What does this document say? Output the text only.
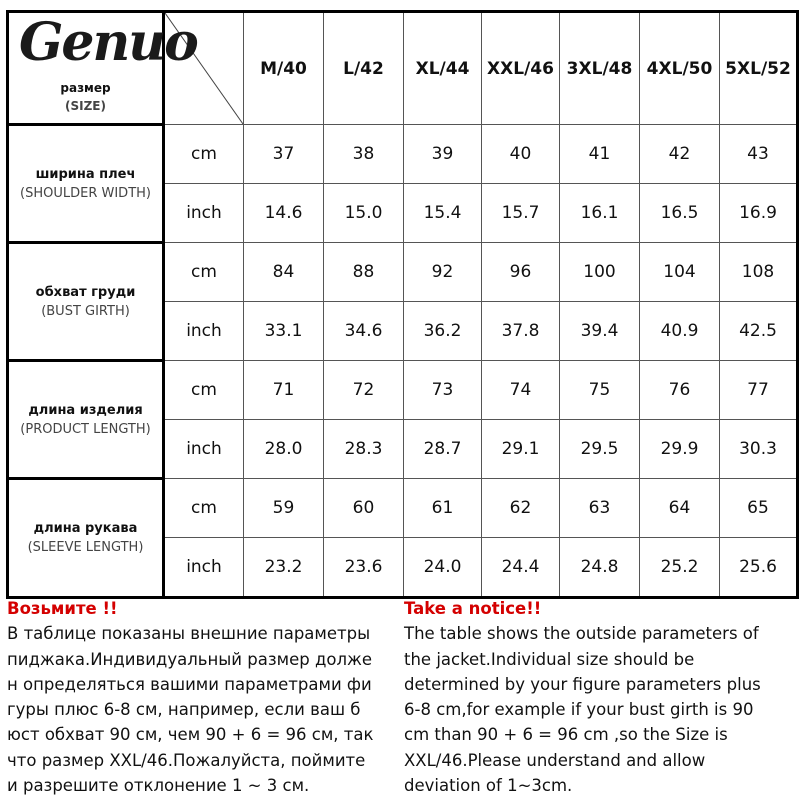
Genuo
размер
(SIZE)		M/40	L/42	XL/44	XXL/46	3XL/48	4XL/50	5XL/52

ширина плеч
(SHOULDER WIDTH)	cm	37	38	39	40	41	42	43
	inch	14.6	15.0	15.4	15.7	16.1	16.5	16.9

обхват груди
(BUST GIRTH)	cm	84	88	92	96	100	104	108
	inch	33.1	34.6	36.2	37.8	39.4	40.9	42.5

длина изделия
(PRODUCT LENGTH)	cm	71	72	73	74	75	76	77
	inch	28.0	28.3	28.7	29.1	29.5	29.9	30.3

длина рукава
(SLEEVE LENGTH)	cm	59	60	61	62	63	64	65
	inch	23.2	23.6	24.0	24.4	24.8	25.2	25.6
Возьмите !!
В таблице показаны внешние параметры
пиджака.Индивидуальный размер долже
н определяться вашими параметрами фи
гуры плюс 6-8 см, например, если ваш б
юст обхват 90 см, чем 90 + 6 = 96 см, так
что размер XXL/46.Пожалуйста, поймите
и разрешите отклонение 1 ~ 3 см.
Take a notice!!
The table shows the outside parameters of
the jacket.Individual size should be
determined by your figure parameters plus
6-8 cm,for example if your bust girth is 90
cm than 90 + 6 = 96 cm ,so the Size is
XXL/46.Please understand and allow
deviation of 1~3cm.
